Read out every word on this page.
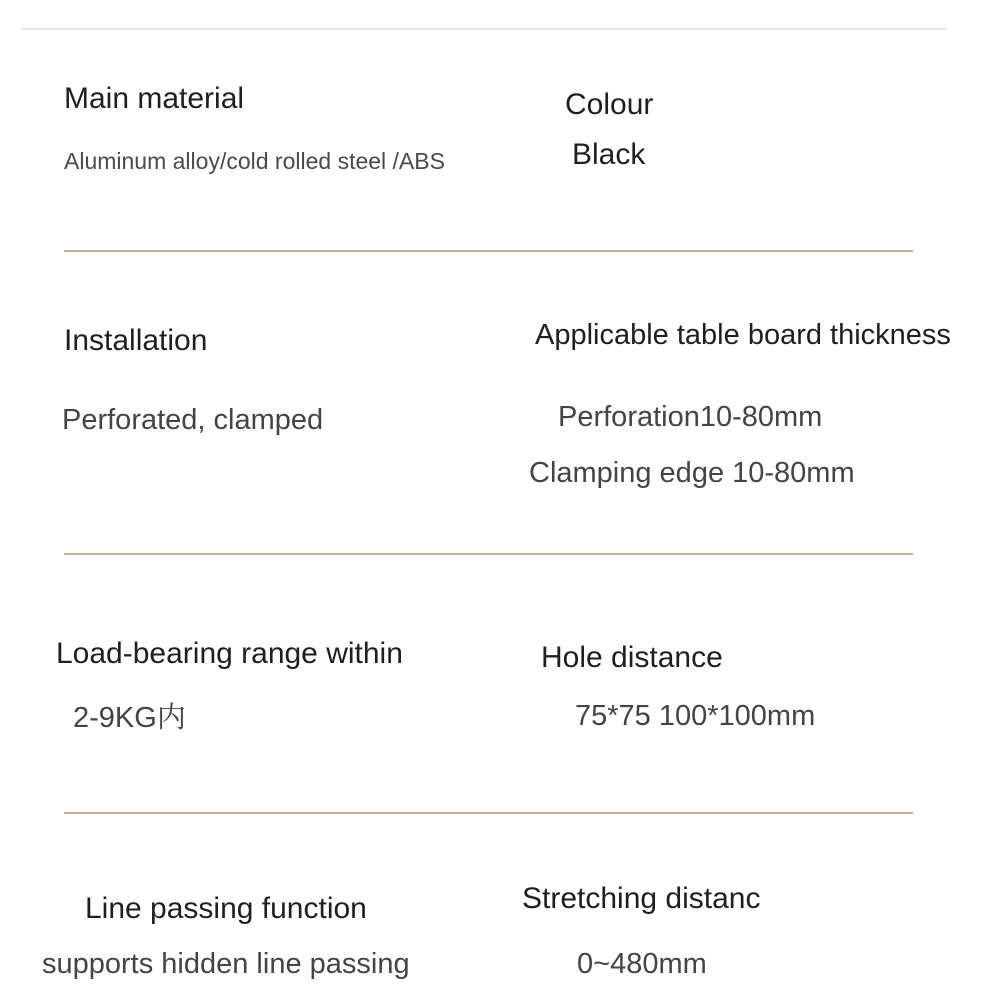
Main material
Aluminum alloy/cold rolled steel /ABS
Colour
Black
Installation
Perforated, clamped
Applicable table board thickness
Perforation10-80mm
Clamping edge 10-80mm
Load-bearing range within
2-9KG内
Hole distance
75*75 100*100mm
Line passing function
supports hidden line passing
Stretching distanc
0~480mm
